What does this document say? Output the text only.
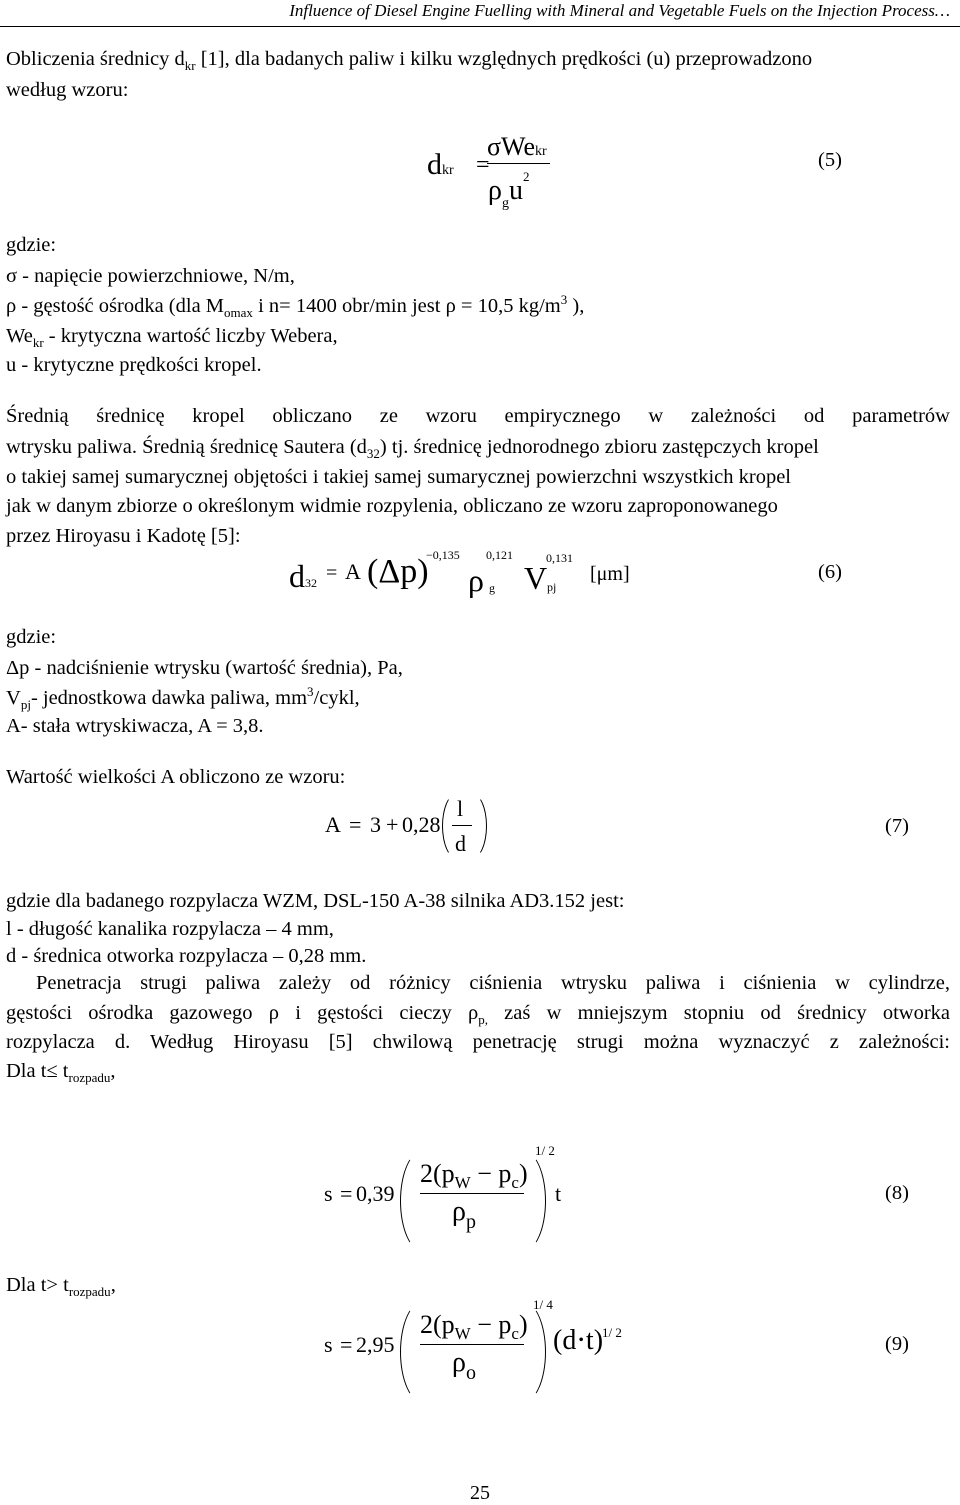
Influence of Diesel Engine Fuelling with Mineral and Vegetable Fuels on the Injection Process…
Obliczenia średnicy $d_{kr}$ [1], dla badanych paliw i kilku względnych prędkości (u) przeprowadzono
według wzoru:
dkr =
σWekr
$\rho_gu^2$
(5)
gdzie:
σ - napięcie powierzchniowe, N/m,
ρ - gęstość ośrodka (dla $M_{omax}$ i n= 1400 obr/min jest ρ = 10,5 $kg/m^3$ ),
$We_{kr}$ - krytyczna wartość liczby Webera,
u - krytyczne prędkości kropel.
Średnią średnicę kropel obliczano ze wzoru empirycznego w zależności od parametrów
wtrysku paliwa. Średnią średnicę Sautera $(d_{32})$ tj. średnicę jednorodnego zbioru zastępczych kropel
o takiej samej sumarycznej objętości i takiej samej sumarycznej powierzchni wszystkich kropel
jak w danym zbiorze o określonym widmie rozpylenia, obliczano ze wzoru zaproponowanego
przez Hiroyasu i Kadotę [5]:
d32 = A (Δp)
−0,135
ρ g
0,121
V pj
0,131
[μm]	(6)
gdzie:
Δp - nadciśnienie wtrysku (wartość średnia), Pa,
$V_{pj}-$ jednostkowa dawka paliwa, $mm^3$/cykl,
A- stała wtryskiwacza, A = 3,8.
Wartość wielkości A obliczono ze wzoru:
A = 3 + 0,28
l
d
(7)
gdzie dla badanego rozpylacza WZM, DSL-150 A-38 silnika AD3.152 jest:
l - długość kanalika rozpylacza – 4 mm,
d - średnica otworka rozpylacza – 0,28 mm.
Penetracja strugi paliwa zależy od różnicy ciśnienia wtrysku paliwa i ciśnienia w cylindrze,
gęstości ośrodka gazowego ρ i gęstości cieczy $\rho_{p,}$ zaś w mniejszym stopniu od średnicy otworka
rozpylacza d. Według Hiroyasu [5] chwilową penetrację strugi można wyznaczyć z zależności:
Dla $t\le t_{rozpadu}$,
s = 0,39
$2(p_W - p_c)$
$\rho_p$
1/ 2
t	(8)
Dla $t> t_{rozpadu}$,
s = 2,95
$2(p_W - p_c)$
$\rho_o$
1/ 4
(d⋅t)
1/ 2
(9)
25
